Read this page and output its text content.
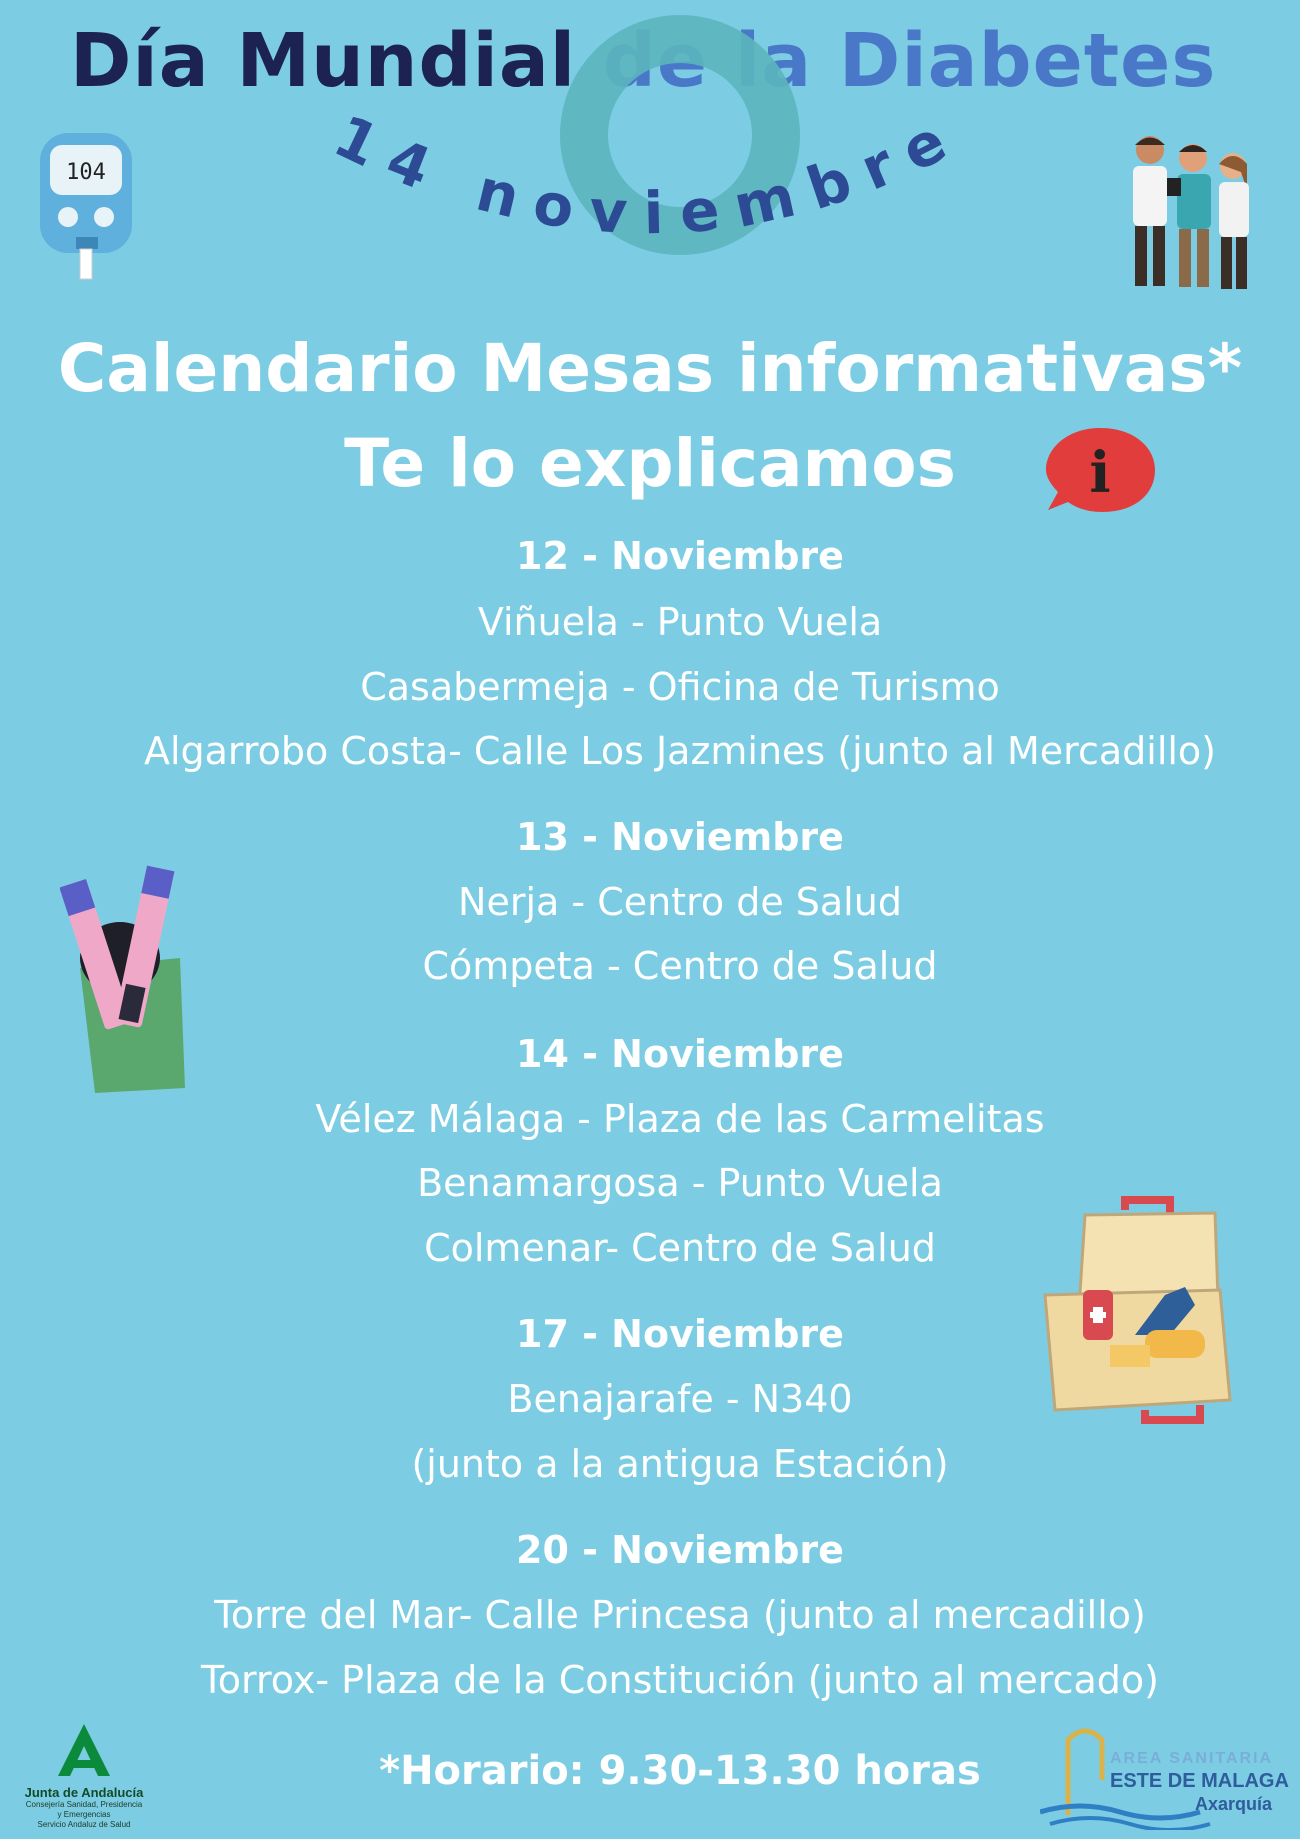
Día Mundial de la Diabetes
14 noviembre
104
Calendario Mesas informativas*
Te lo explicamos	i
12 - Noviembre
Viñuela - Punto Vuela
Casabermeja - Oficina de Turismo
Algarrobo Costa- Calle Los Jazmines (junto al Mercadillo)
13 - Noviembre
Nerja - Centro de Salud
Cómpeta - Centro de Salud
14 - Noviembre
Vélez Málaga - Plaza de las Carmelitas
Benamargosa - Punto Vuela
Colmenar- Centro de Salud
17 - Noviembre
Benajarafe - N340
(junto a la antigua Estación)
20 - Noviembre
Torre del Mar- Calle Princesa (junto al mercadillo)
Torrox- Plaza de la Constitución (junto al mercado)
*Horario: 9.30-13.30 horas
Junta de Andalucía
Consejería Sanidad, Presidencia
y Emergencias
Servicio Andaluz de Salud
AREA SANITARIA
ESTE DE MALAGA
Axarquía
